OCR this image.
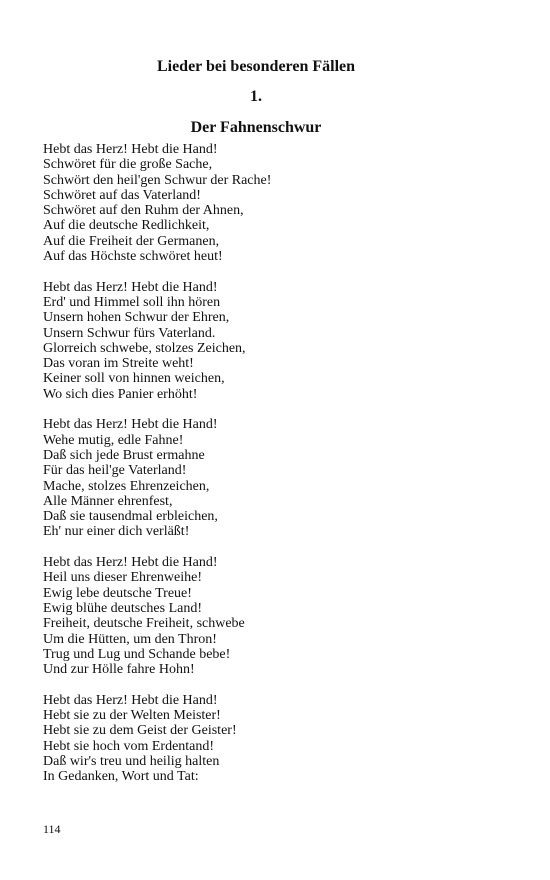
Lieder bei besonderen Fällen
1.
Der Fahnenschwur
Hebt das Herz! Hebt die Hand!
Schwöret für die große Sache,
Schwört den heil'gen Schwur der Rache!
Schwöret auf das Vaterland!
Schwöret auf den Ruhm der Ahnen,
Auf die deutsche Redlichkeit,
Auf die Freiheit der Germanen,
Auf das Höchste schwöret heut!
Hebt das Herz! Hebt die Hand!
Erd' und Himmel soll ihn hören
Unsern hohen Schwur der Ehren,
Unsern Schwur fürs Vaterland.
Glorreich schwebe, stolzes Zeichen,
Das voran im Streite weht!
Keiner soll von hinnen weichen,
Wo sich dies Panier erhöht!
Hebt das Herz! Hebt die Hand!
Wehe mutig, edle Fahne!
Daß sich jede Brust ermahne
Für das heil'ge Vaterland!
Mache, stolzes Ehrenzeichen,
Alle Männer ehrenfest,
Daß sie tausendmal erbleichen,
Eh' nur einer dich verläßt!
Hebt das Herz! Hebt die Hand!
Heil uns dieser Ehrenweihe!
Ewig lebe deutsche Treue!
Ewig blühe deutsches Land!
Freiheit, deutsche Freiheit, schwebe
Um die Hütten, um den Thron!
Trug und Lug und Schande bebe!
Und zur Hölle fahre Hohn!
Hebt das Herz! Hebt die Hand!
Hebt sie zu der Welten Meister!
Hebt sie zu dem Geist der Geister!
Hebt sie hoch vom Erdentand!
Daß wir's treu und heilig halten
In Gedanken, Wort und Tat:
114
